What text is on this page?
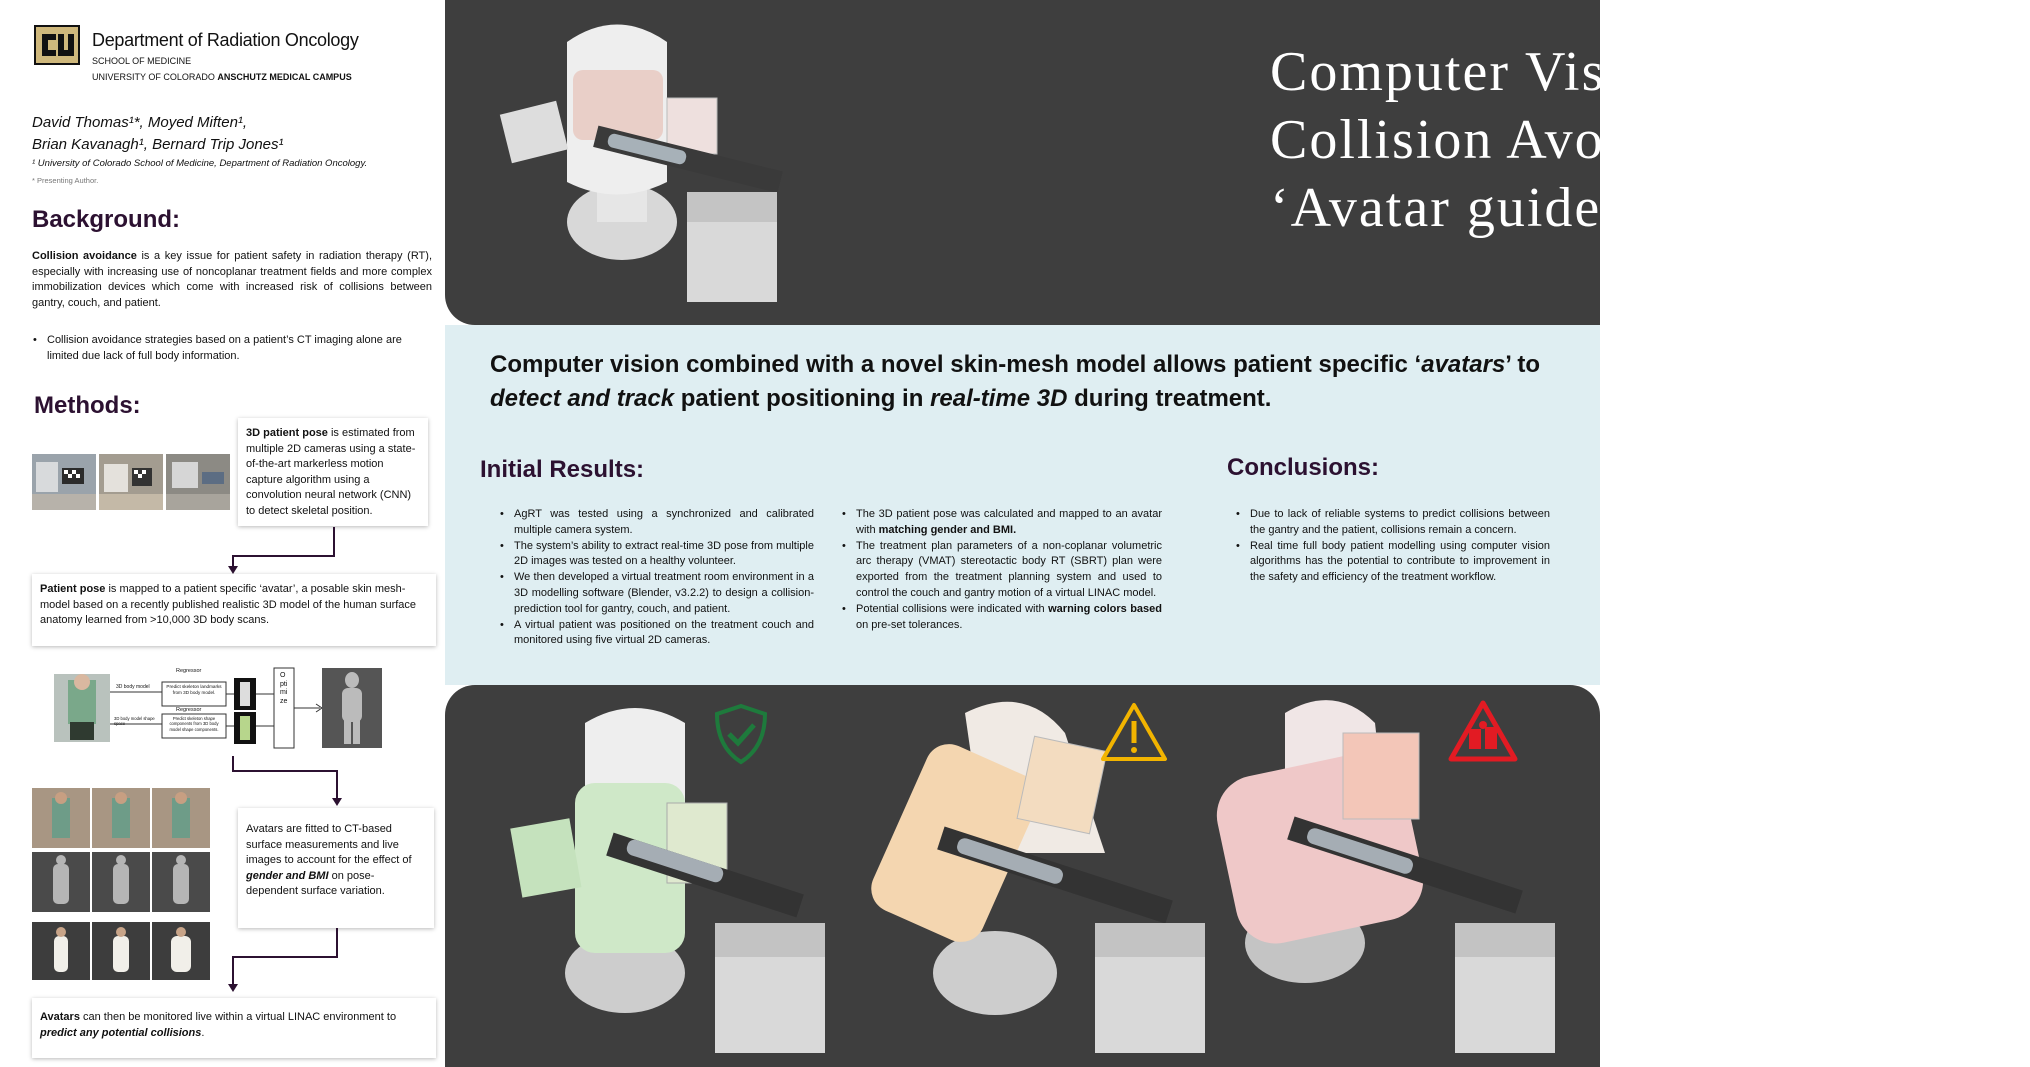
Department of Radiation Oncology
SCHOOL OF MEDICINE
UNIVERSITY OF COLORADO ANSCHUTZ MEDICAL CAMPUS
David Thomas¹*, Moyed Miften¹,
Brian Kavanagh¹, Bernard Trip Jones¹
¹ University of Colorado School of Medicine, Department of Radiation Oncology.
* Presenting Author.
Background:
Collision avoidance is a key issue for patient safety in radiation therapy (RT), especially with increasing use of noncoplanar treatment fields and more complex immobilization devices which come with increased risk of collisions between gantry, couch, and patient.
• Collision avoidance strategies based on a patient’s CT imaging alone are limited due lack of full body information.
Methods:
3D patient pose is estimated from multiple 2D cameras using a state-of-the-art markerless motion capture algorithm using a convolution neural network (CNN) to detect skeletal position.
Patient pose is mapped to a patient specific ‘avatar’, a posable skin mesh-model based on a recently published realistic 3D model of the human surface anatomy learned from >10,000 3D body scans.
Regressor
3D body model
3D body model shape space
Predict skeleton landmarks from 3D body model.
Regressor
Predict skeleton shape components from 3D body model shape components.
Optimize
Avatars are fitted to CT-based surface measurements and live images to account for the effect of gender and BMI on pose-dependent surface variation.
Avatars can then be monitored live within a virtual LINAC environment to predict any potential collisions.
Computer Vision Assisted
Collision Avoidance:
‘Avatar guided-RT’(AgRT).
Computer vision combined with a novel skin-mesh model allows patient specific ‘avatars’ to detect and track patient positioning in real-time 3D during treatment.
Initial Results:	Conclusions:
• AgRT was tested using a synchronized and calibrated multiple camera system.
• The system’s ability to extract real-time 3D pose from multiple 2D images was tested on a healthy volunteer.
• We then developed a virtual treatment room environment in a 3D modelling software (Blender, v3.2.2) to design a collision-prediction tool for gantry, couch, and patient.
• A virtual patient was positioned on the treatment couch and monitored using five virtual 2D cameras.
• The 3D patient pose was calculated and mapped to an avatar with matching gender and BMI.
• The treatment plan parameters of a non-coplanar volumetric arc therapy (VMAT) stereotactic body RT (SBRT) plan were exported from the treatment planning system and used to control the couch and gantry motion of a virtual LINAC model.
• Potential collisions were indicated with warning colors based on pre-set tolerances.
• Due to lack of reliable systems to predict collisions between the gantry and the patient, collisions remain a concern.
• Real time full body patient modelling using computer vision algorithms has the potential to contribute to improvement in the safety and efficiency of the treatment workflow.
